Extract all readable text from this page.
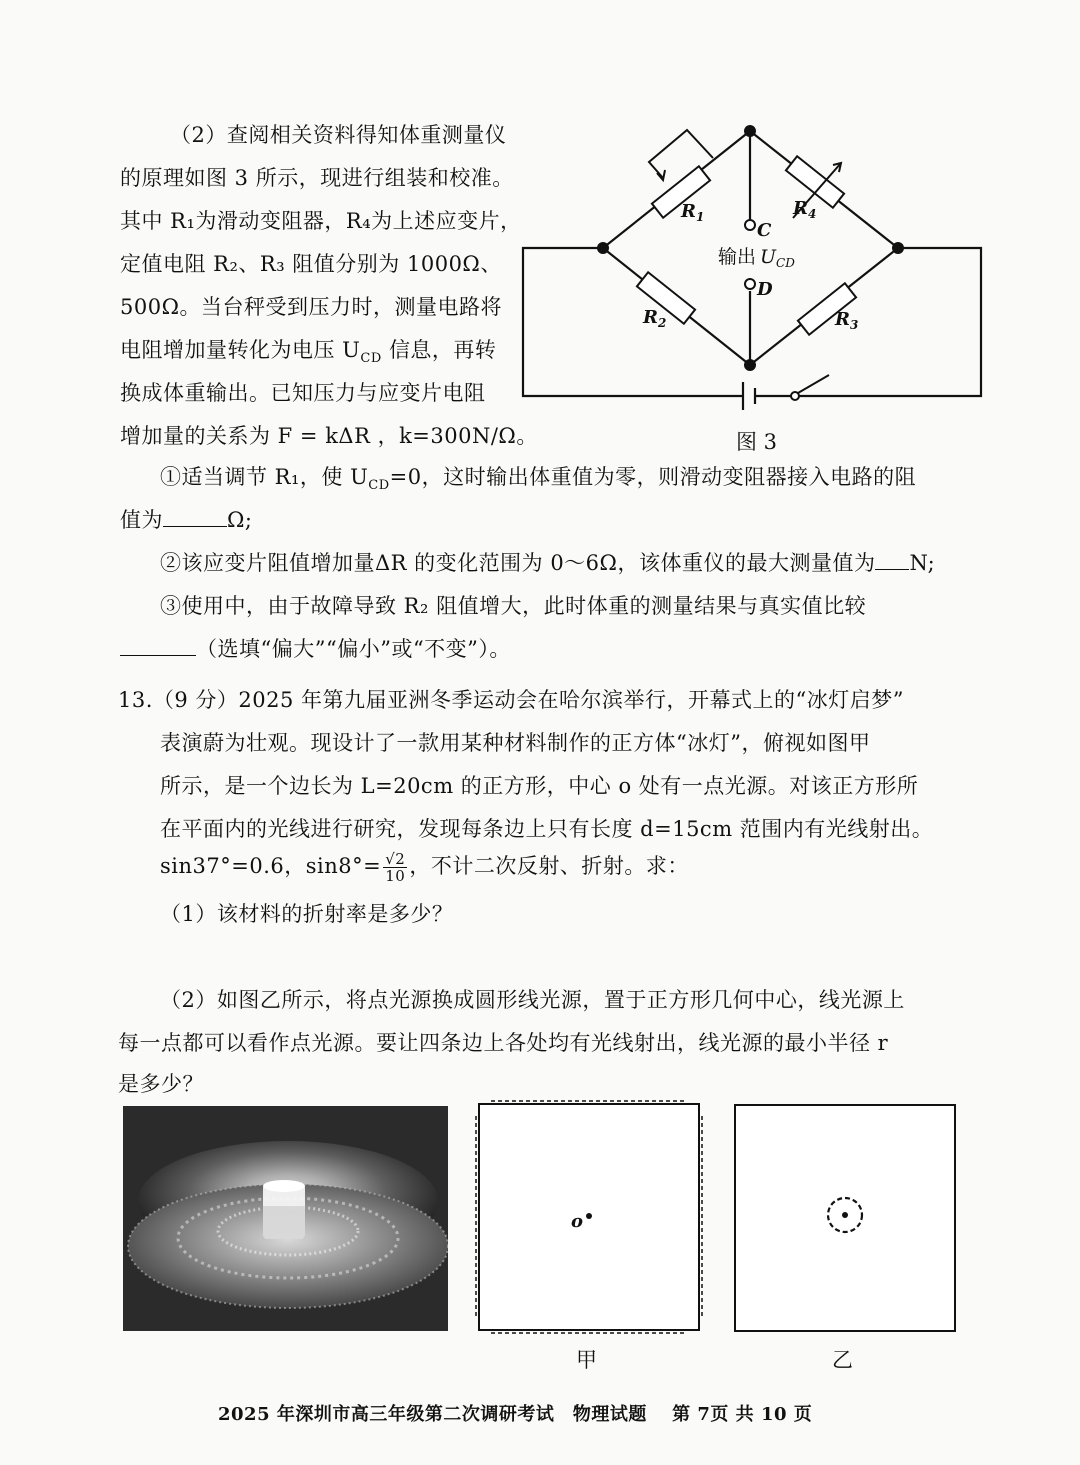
（2）查阅相关资料得知体重测量仪
的原理如图 3 所示，现进行组装和校准。
其中 R₁为滑动变阻器，R₄为上述应变片，
定值电阻 R₂、R₃ 阻值分别为 1000Ω、
500Ω。当台秤受到压力时，测量电路将
电阻增加量转化为电压 $U_{CD}$ 信息，再转
换成体重输出。已知压力与应变片电阻
增加量的关系为 F = kΔR ，k=300N/Ω。
$R_1$	$R_4$
$R_2$	$R_3$
C
D
输出 $U_{CD}$
图 3
①适当调节 R₁，使 $U_{CD}=0$，这时输出体重值为零，则滑动变阻器接入电路的阻
值为	Ω;
②该应变片阻值增加量ΔR 的变化范围为 0～6Ω，该体重仪的最大测量值为 N;
③使用中，由于故障导致 R₂ 阻值增大，此时体重的测量结果与真实值比较
（选填“偏大”“偏小”或“不变”）。
13.（9 分）2025 年第九届亚洲冬季运动会在哈尔滨举行，开幕式上的“冰灯启梦”
表演蔚为壮观。现设计了一款用某种材料制作的正方体“冰灯”，俯视如图甲
所示，是一个边长为 L=20cm 的正方形，中心 o 处有一点光源。对该正方形所
在平面内的光线进行研究，发现每条边上只有长度 d=15cm 范围内有光线射出。
sin37°=0.6，$\sin 8^\circ= \frac{√2}{10}$ ，不计二次反射、折射。求：
（1）该材料的折射率是多少？
（2）如图乙所示，将点光源换成圆形线光源，置于正方形几何中心，线光源上
每一点都可以看作点光源。要让四条边上各处均有光线射出，线光源的最小半径 r
是多少？
o
甲	乙
2025 年深圳市高三年级第二次调研考试　物理试题　 第 7页 共 10 页
